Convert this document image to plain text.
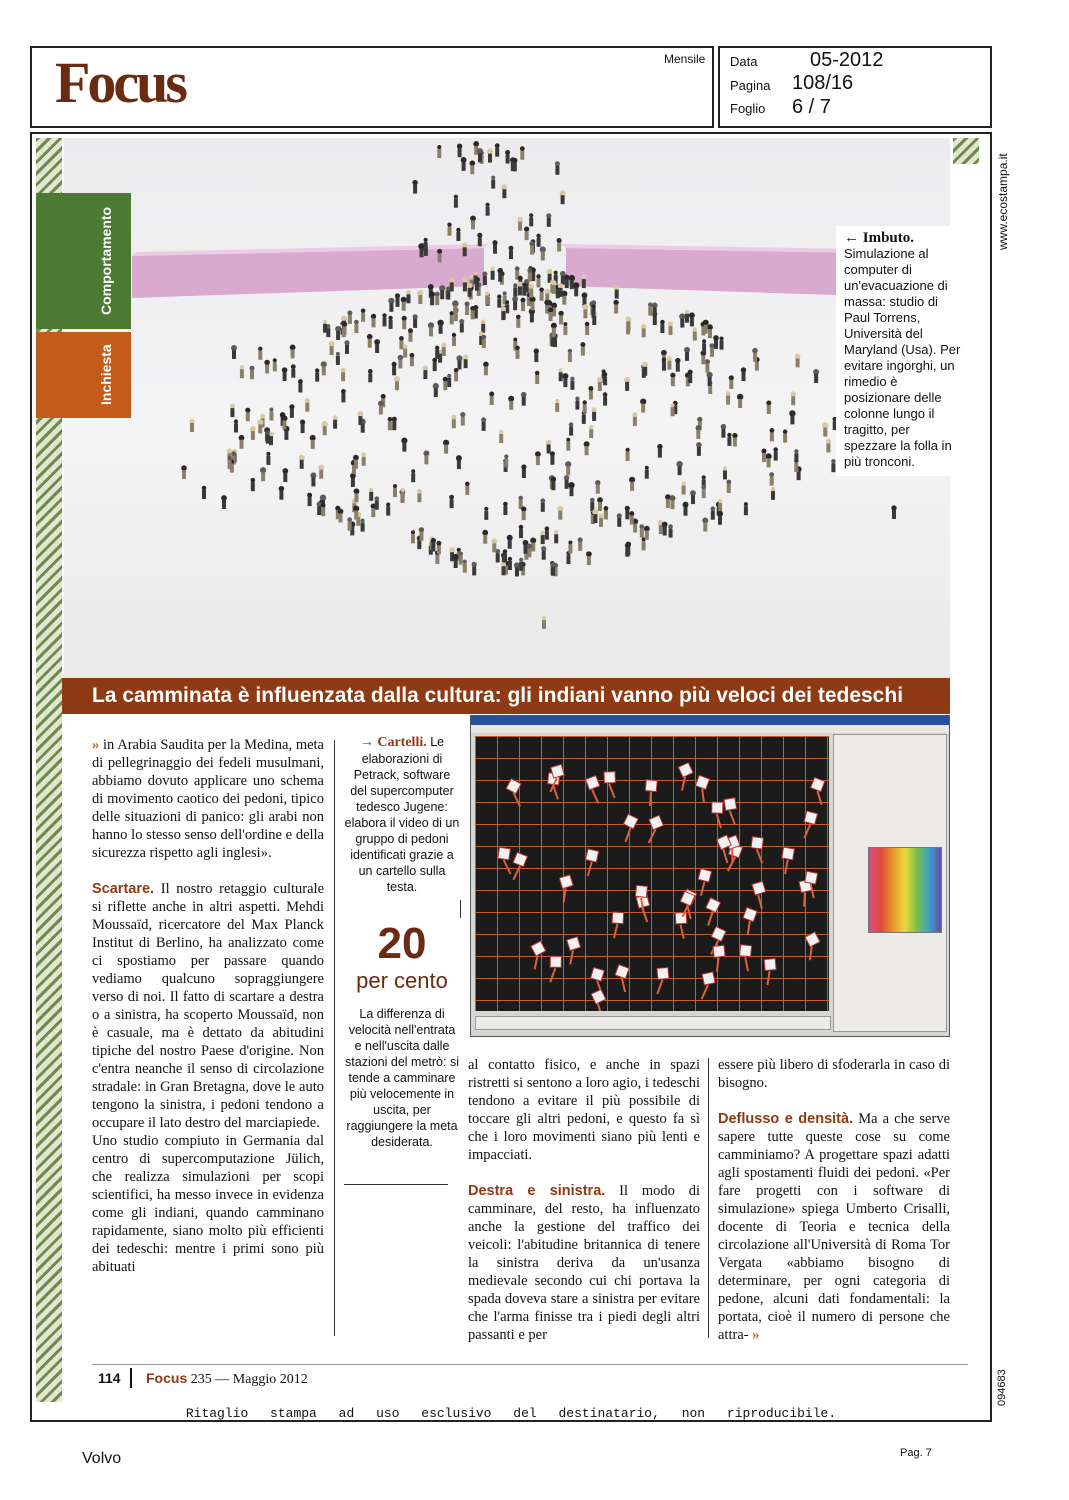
Focus	Mensile Data	05-2012
Pagina 108/16
Foglio 6 / 7
www.ecostampa.it
094683
Comportamento
Inchiesta
← Imbuto. Simulazione al computer di un'evacuazione di massa: studio di Paul Torrens, Università del Maryland (Usa). Per evitare ingorghi, un rimedio è posizionare delle colonne lungo il tragitto, per spezzare la folla in più tronconi.
La camminata è influenzata dalla cultura: gli indiani vanno più veloci dei tedeschi

» in Arabia Saudita per la Medina, meta di pellegrinaggio dei fedeli musulmani, abbiamo dovuto applicare uno schema di movimento caotico dei pedoni, tipico delle situazioni di panico: gli arabi non hanno lo stesso senso dell'ordine e della sicurezza rispetto agli inglesi».

Scartare. Il nostro retaggio culturale si riflette anche in altri aspetti. Mehdi Moussaïd, ricercatore del Max Planck Institut di Berlino, ha analizzato come ci spostiamo per passare quando vediamo qualcuno sopraggiungere verso di noi. Il fatto di scartare a destra o a sinistra, ha scoperto Moussaïd, non è casuale, ma è dettato da abitudini tipiche del nostro Paese d'origine. Non c'entra neanche il senso di circolazione stradale: in Gran Bretagna, dove le auto tengono la sinistra, i pedoni tendono a occupare il lato destro del marciapiede.

Uno studio compiuto in Germania dal centro di supercomputazione Jülich, che realizza simulazioni per scopi scientifici, ha messo invece in evidenza come gli indiani, quando camminano rapidamente, siano molto più efficienti dei tedeschi: mentre i primi sono più abituati

→ Cartelli. Le elaborazioni di Petrack, software del supercomputer tedesco Jugene: elabora il video di un gruppo di pedoni identificati grazie a un cartello sulla testa.
20
per cento
La differenza di velocità nell'entrata e nell'uscita dalle stazioni del metrò: si tende a camminare più velocemente in uscita, per raggiungere la meta desiderata.

al contatto fisico, e anche in spazi ristretti si sentono a loro agio, i tedeschi tendono a evitare il più possibile di toccare gli altri pedoni, e questo fa sì che i loro movimenti siano più lenti e impacciati.

Destra e sinistra. Il modo di camminare, del resto, ha influenzato anche la gestione del traffico dei veicoli: l'abitudine britannica di tenere la sinistra deriva da un'usanza medievale secondo cui chi portava la spada doveva stare a sinistra per evitare che l'arma finisse tra i piedi degli altri passanti e per

essere più libero di sfoderarla in caso di bisogno.

Deflusso e densità. Ma a che serve sapere tutte queste cose su come camminiamo? A progettare spazi adatti agli spostamenti fluidi dei pedoni. «Per fare progetti con i software di simulazione» spiega Umberto Crisalli, docente di Teoria e tecnica della circolazione all'Università di Roma Tor Vergata «abbiamo bisogno di determinare, per ogni categoria di pedone, alcuni dati fondamentali: la portata, cioè il numero di persone che attra- »

114 Focus 235 — Maggio 2012
Ritaglio stampa ad uso esclusivo del destinatario, non riproducibile.
Volvo	Pag. 7
